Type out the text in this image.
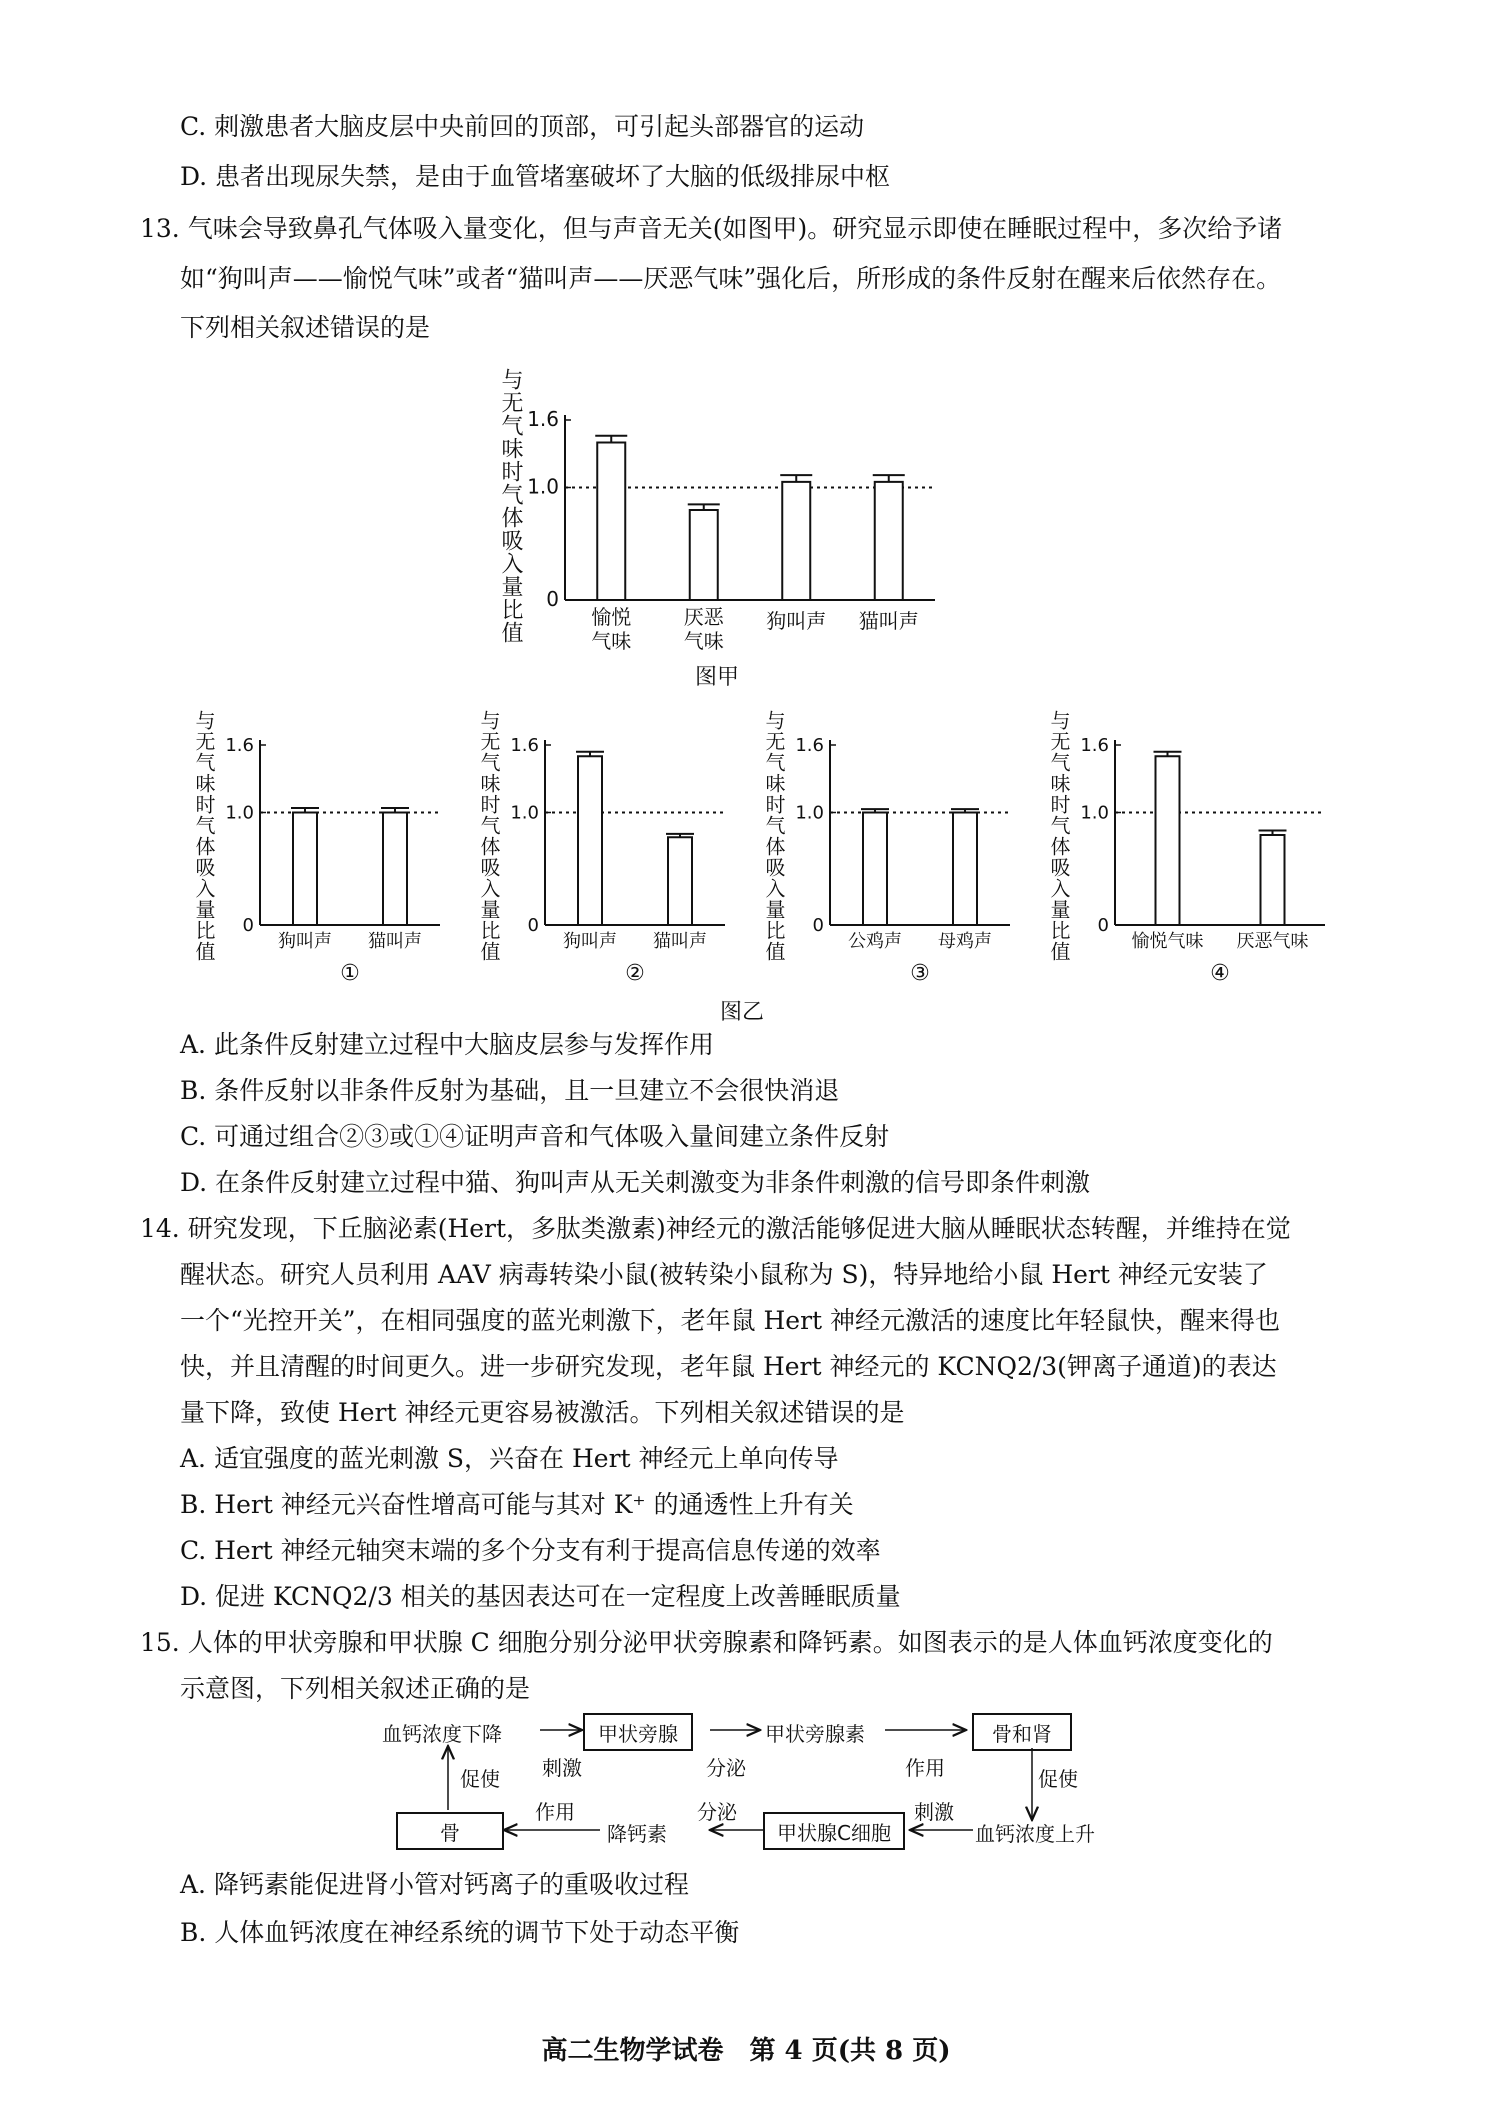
C. 刺激患者大脑皮层中央前回的顶部，可引起头部器官的运动
D. 患者出现尿失禁，是由于血管堵塞破坏了大脑的低级排尿中枢
13. 气味会导致鼻孔气体吸入量变化，但与声音无关(如图甲)。研究显示即使在睡眠过程中，多次给予诸
如“狗叫声——愉悦气味”或者“猫叫声——厌恶气味”强化后，所形成的条件反射在醒来后依然存在。
下列相关叙述错误的是
与无气味时气体吸入量比值 0
1.0
1.6
愉悦
气味
厌恶
气味
狗叫声 猫叫声
图甲
与无气味时气体吸入量比值 0
1.0
1.6
狗叫声 猫叫声
①
与无气味时气体吸入量比值 0
1.0
1.6
狗叫声 猫叫声
②
与无气味时气体吸入量比值 0
1.0
1.6
公鸡声 母鸡声
③
与无气味时气体吸入量比值 0
1.0
1.6
愉悦气味 厌恶气味
④
图乙
A. 此条件反射建立过程中大脑皮层参与发挥作用
B. 条件反射以非条件反射为基础，且一旦建立不会很快消退
C. 可通过组合②③或①④证明声音和气体吸入量间建立条件反射
D. 在条件反射建立过程中猫、狗叫声从无关刺激变为非条件刺激的信号即条件刺激
14. 研究发现，下丘脑泌素(Hert，多肽类激素)神经元的激活能够促进大脑从睡眠状态转醒，并维持在觉
醒状态。研究人员利用 AAV 病毒转染小鼠(被转染小鼠称为 S)，特异地给小鼠 Hert 神经元安装了
一个“光控开关”，在相同强度的蓝光刺激下，老年鼠 Hert 神经元激活的速度比年轻鼠快，醒来得也
快，并且清醒的时间更久。进一步研究发现，老年鼠 Hert 神经元的 KCNQ2/3(钾离子通道)的表达
量下降，致使 Hert 神经元更容易被激活。下列相关叙述错误的是
A. 适宜强度的蓝光刺激 S，兴奋在 Hert 神经元上单向传导
B. Hert 神经元兴奋性增高可能与其对 K⁺ 的通透性上升有关
C. Hert 神经元轴突末端的多个分支有利于提高信息传递的效率
D. 促进 KCNQ2/3 相关的基因表达可在一定程度上改善睡眠质量
15. 人体的甲状旁腺和甲状腺 C 细胞分别分泌甲状旁腺素和降钙素。如图表示的是人体血钙浓度变化的
示意图，下列相关叙述正确的是
血钙浓度下降	甲状旁腺	甲状旁腺素	骨和肾
刺激	分泌	作用
促使	促使
骨
作用
降钙素
分泌
甲状腺C细胞
刺激
血钙浓度上升
A. 降钙素能促进肾小管对钙离子的重吸收过程
B. 人体血钙浓度在神经系统的调节下处于动态平衡
高二生物学试卷　第 4 页(共 8 页)
